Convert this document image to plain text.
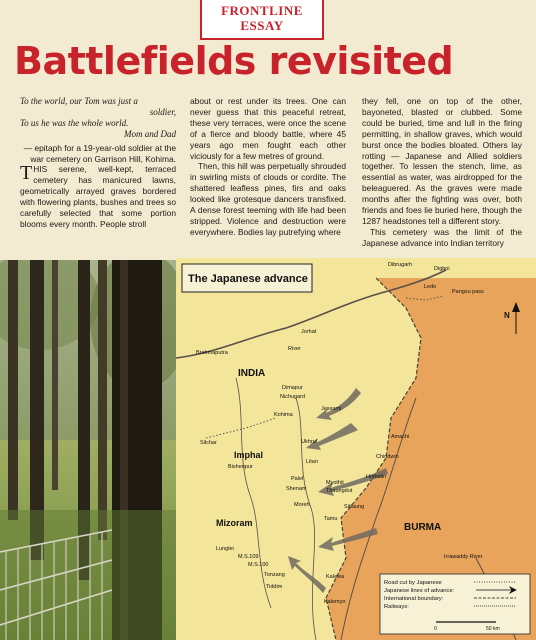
FRONTLINE
ESSAY
Battlefields revisited
To the world, our Tom was just a
soldier,
To us he was the whole world.
Mom and Dad
— epitaph for a 19-year-old soldier at the war cemetery on Garrison Hill, Kohima.

THIS serene, well-kept, terraced cemetery has manicured lawns, geometrically arrayed graves bordered with flowering plants, bushes and trees so carefully selected that some portion blooms every month. People stroll

about or rest under its trees. One can never guess that this peaceful retreat, these very terraces, were once the scene of a fierce and bloody battle, where 45 years ago men fought each other viciously for a few metres of ground.

Then, this hill was perpetually shrouded in swirling mists of clouds or cordite. The shattered leafless pines, firs and oaks looked like grotesque dancers transfixed. A dense forest teeming with life had been stripped. Violence and destruction were everywhere. Bodies lay putrefying where

they fell, one on top of the other, bayoneted, blasted or clubbed. Some could be buried, time and lull in the firing permitting, in shallow graves, which would burst once the bodies bloated. Others lay rotting — Japanese and Allied soldiers together. To lessen the stench, lime, as essential as water, was airdropped for the beleaguered. As the graves were made months after the fighting was over, both friends and foes lie buried here, though the 1287 headstones tell a different story.

This cemetery was the limit of the Japanese advance into Indian territory

The Japanese advance
INDIA
BURMA
Imphal
Mizoram
Dibrugarh
Digboi
Ledo
Pangsu pass
Brahmaputra
Jorhat
River
Dimapur
Nichugard
Kohima
Jessami
Ukhrul
Litan
Homalin
Amachi
Silchar
Bishenpur
Palel
Shenam
Moreh
Myothit
Thaungdut
Sittaung
Tamu
Lunglei
Tonzang
Tiddim
Kalewa
Kalemyo
M.S.109
M.S.100
Irrawaddy River
Chindwin
N
Road cut by Japanese
Japanese lines of advance:
International boundary:
Railways:
0	50 km
